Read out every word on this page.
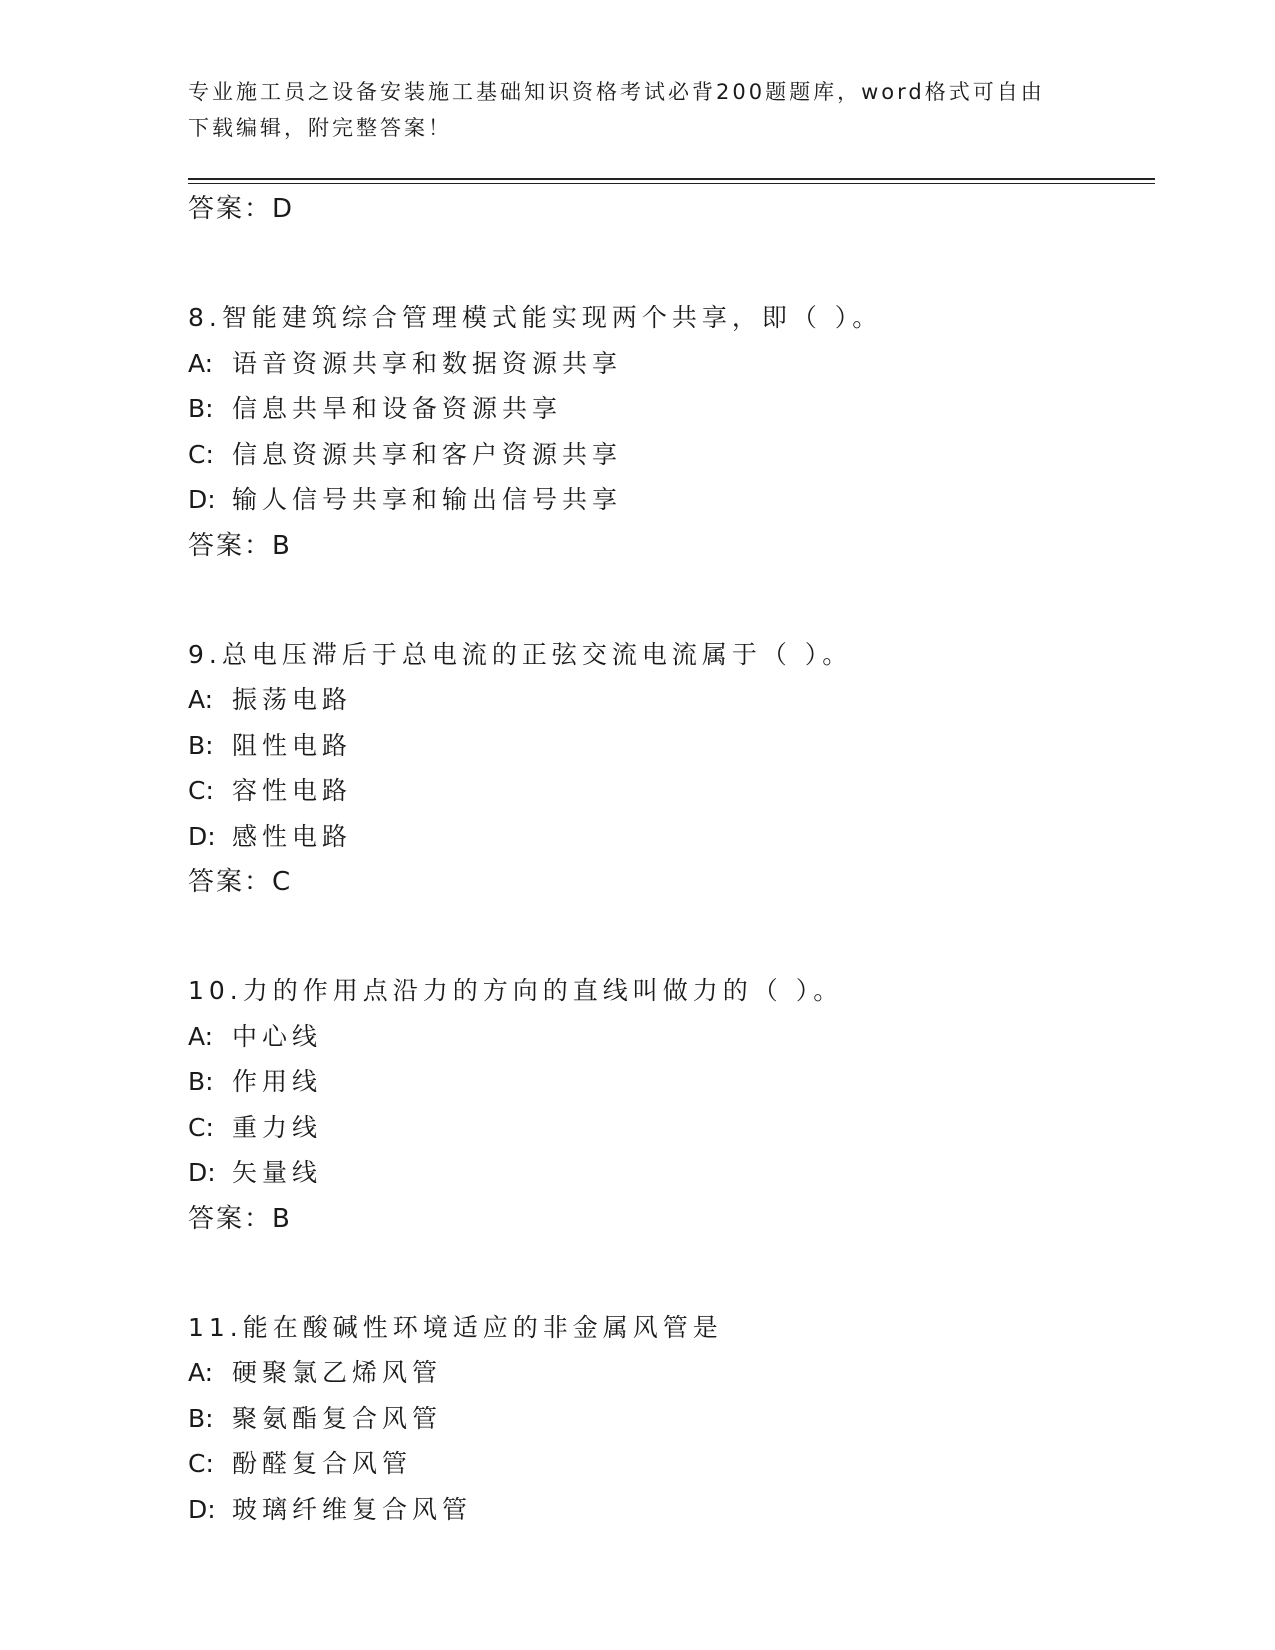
专业施工员之设备安装施工基础知识资格考试必背200题题库，word格式可自由
下载编辑，附完整答案！
答案：D
8.智能建筑综合管理模式能实现两个共享，即（ ）。
A: 语音资源共享和数据资源共享
B: 信息共旱和设备资源共享
C: 信息资源共享和客户资源共享
D: 输人信号共享和输出信号共享
答案：B
9.总电压滞后于总电流的正弦交流电流属于（ ）。
A: 振荡电路
B: 阻性电路
C: 容性电路
D: 感性电路
答案：C
10.力的作用点沿力的方向的直线叫做力的（ ）。
A: 中心线
B: 作用线
C: 重力线
D: 矢量线
答案：B
11.能在酸碱性环境适应的非金属风管是
A: 硬聚氯乙烯风管
B: 聚氨酯复合风管
C: 酚醛复合风管
D: 玻璃纤维复合风管
